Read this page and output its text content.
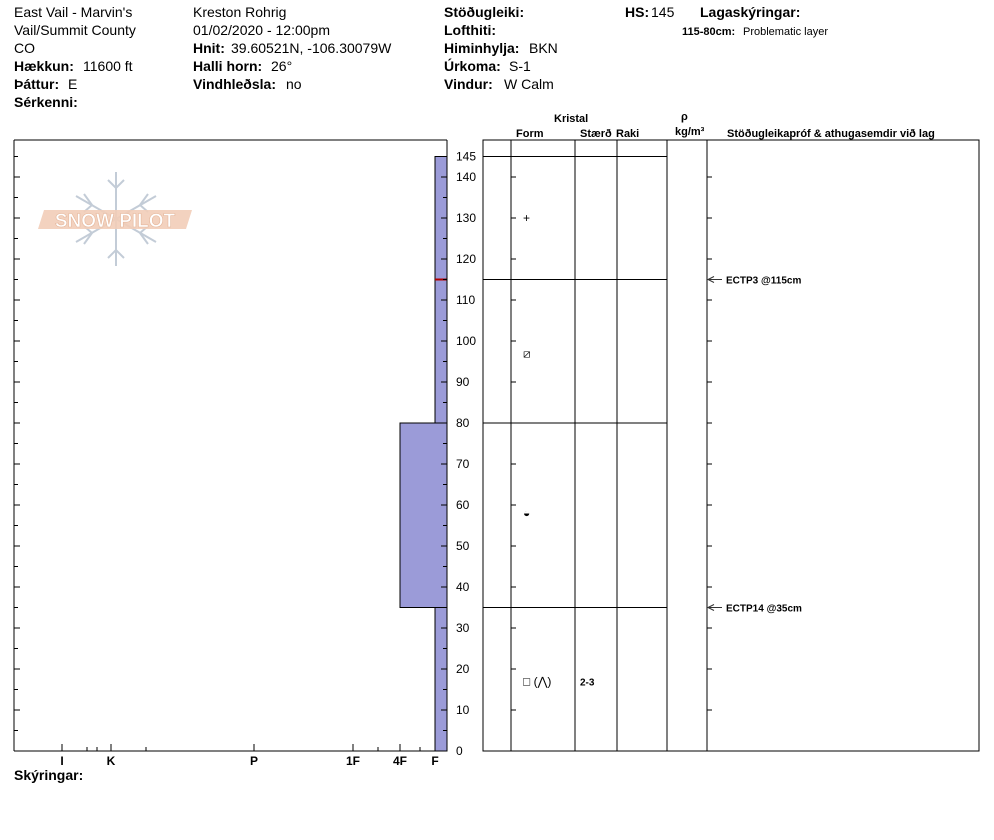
East Vail - Marvin's
Vail/Summit County
CO
Hækkun: 11600 ft
Þáttur: E
Sérkenni:
Kreston Rohrig
01/02/2020 - 12:00pm
Hnit: 39.60521N, -106.30079W
Halli horn: 26°
Vindhleðsla: no
Stöðugleiki:
Lofthiti:
Himinhylja: BKN
Úrkoma: S-1
Vindur: W Calm
HS: 145 Lagaskýringar:
115-80cm: Problematic layer
Kristal
Form	Stærð Raki
ρ
kg/m³ Stöðugleikapróf & athugasemdir við lag
Skýringar:
SNOW PILOT
0
10
20
30
40
50
60
70
80
90
100
110
120
130
140
145
I	K	P	1F	4F F
+
⧄
◒
□ (⋀)	2-3
ECTP3 @115cm
ECTP14 @35cm
